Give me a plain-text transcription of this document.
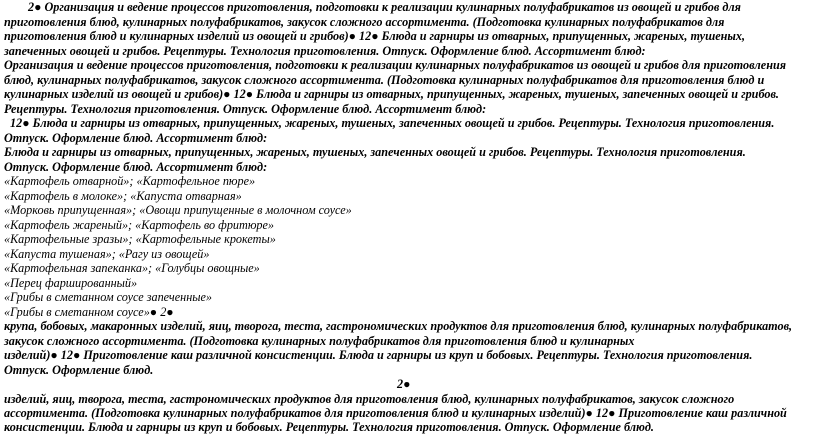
2● Организация и ведение процессов приготовления, подготовки к реализации кулинарных полуфабрикатов из овощей и грибов для
приготовления блюд, кулинарных полуфабрикатов, закусок сложного ассортимента. (Подготовка кулинарных полуфабрикатов для
приготовления блюд и кулинарных изделий из овощей и грибов)● 12● Блюда и гарниры из отварных, припущенных, жареных, тушеных,
запеченных овощей и грибов. Рецептуры. Технология приготовления. Отпуск. Оформление блюд. Ассортимент блюд:
Организация и ведение процессов приготовления, подготовки к реализации кулинарных полуфабрикатов из овощей и грибов для приготовления
блюд, кулинарных полуфабрикатов, закусок сложного ассортимента. (Подготовка кулинарных полуфабрикатов для приготовления блюд и
кулинарных изделий из овощей и грибов)● 12● Блюда и гарниры из отварных, припущенных, жареных, тушеных, запеченных овощей и грибов.
Рецептуры. Технология приготовления. Отпуск. Оформление блюд. Ассортимент блюд:
12● Блюда и гарниры из отварных, припущенных, жареных, тушеных, запеченных овощей и грибов. Рецептуры. Технология приготовления.
Отпуск. Оформление блюд. Ассортимент блюд:
Блюда и гарниры из отварных, припущенных, жареных, тушеных, запеченных овощей и грибов. Рецептуры. Технология приготовления.
Отпуск. Оформление блюд. Ассортимент блюд:
«Картофель отварной»; «Картофельное пюре»
«Картофель в молоке»; «Капуста отварная»
«Морковь припущенная»; «Овощи припущенные в молочном соусе»
«Картофель жареный»; «Картофель во фритюре»
«Картофельные зразы»; «Картофельные крокеты»
«Капуста тушеная»; «Рагу из овощей»
«Картофельная запеканка»; «Голубцы овощные»
«Перец фаршированный»
«Грибы в сметанном соусе запеченные»
«Грибы в сметанном соусе»● 2●
крупа, бобовых, макаронных изделий, яиц, творога, теста, гастрономических продуктов для приготовления блюд, кулинарных полуфабрикатов,
закусок сложного ассортимента. (Подготовка кулинарных полуфабрикатов для приготовления блюд и кулинарных
изделий)● 12● Приготовление каш различной консистенции. Блюда и гарниры из круп и бобовых. Рецептуры. Технология приготовления.
Отпуск. Оформление блюд.
2●
изделий, яиц, творога, теста, гастрономических продуктов для приготовления блюд, кулинарных полуфабрикатов, закусок сложного
ассортимента. (Подготовка кулинарных полуфабрикатов для приготовления блюд и кулинарных изделий)● 12● Приготовление каш различной
консистенции. Блюда и гарниры из круп и бобовых. Рецептуры. Технология приготовления. Отпуск. Оформление блюд.
